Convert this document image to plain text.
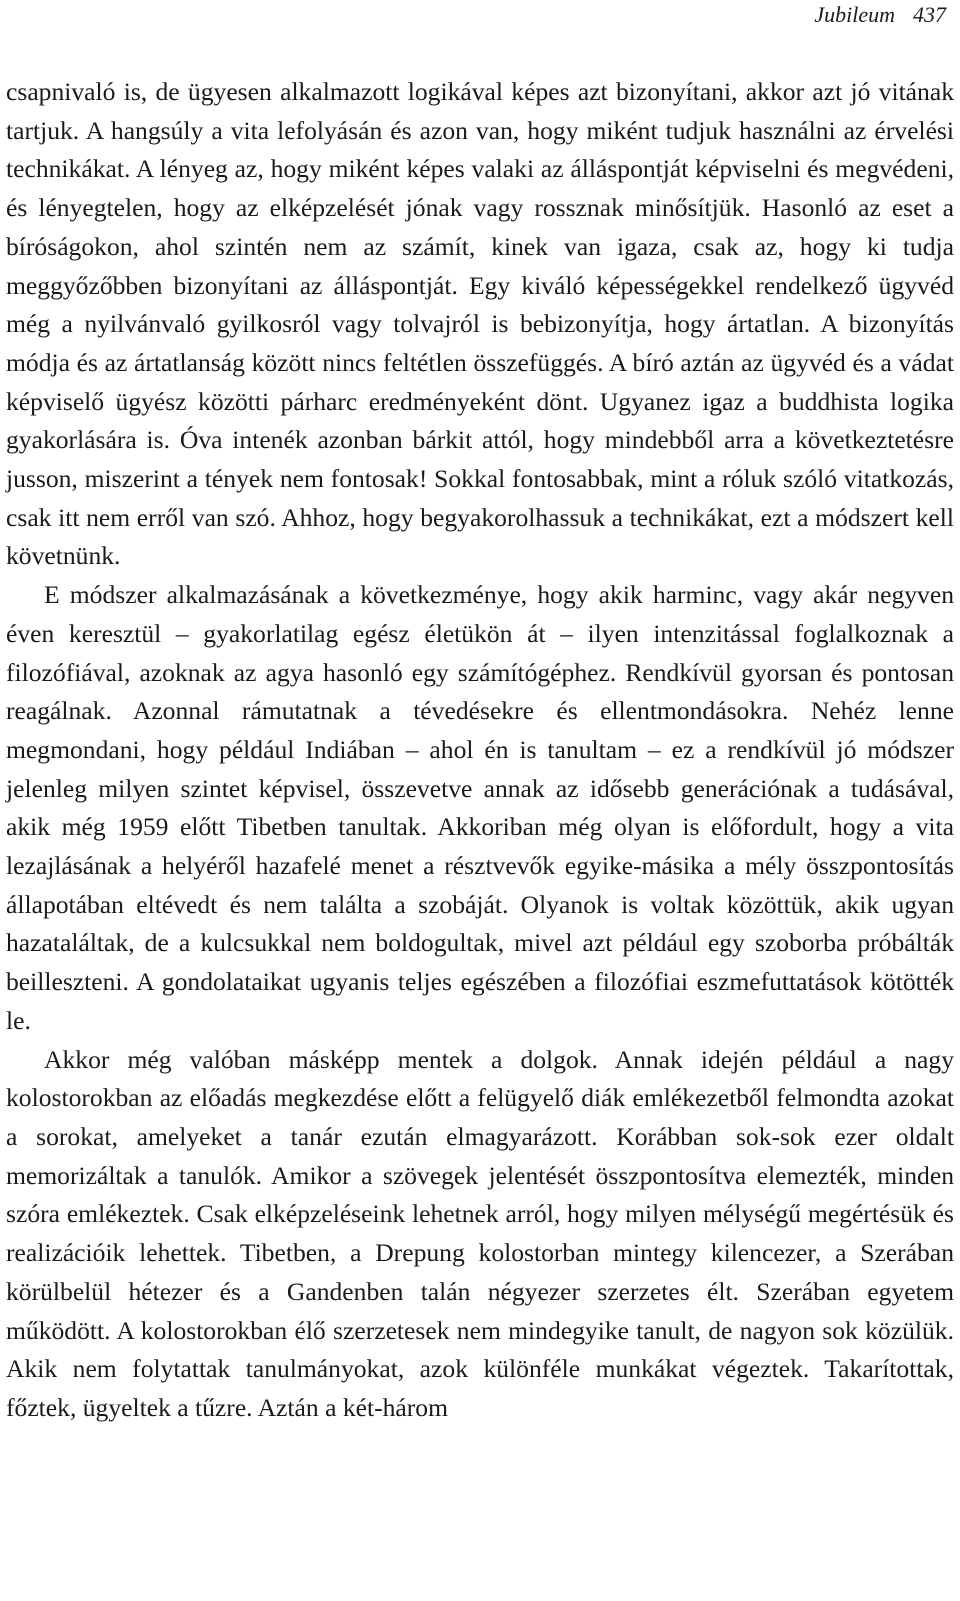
Jubileum 437

csapnivaló is, de ügyesen alkalmazott logikával képes azt bizonyítani, akkor azt jó vitának tartjuk. A hangsúly a vita lefolyásán és azon van, hogy miként tudjuk használni az érvelési technikákat. A lényeg az, hogy miként képes valaki az álláspontját képviselni és megvédeni, és lényegtelen, hogy az elképzelését jónak vagy rossznak minősítjük. Hasonló az eset a bíróságokon, ahol szintén nem az számít, kinek van igaza, csak az, hogy ki tudja meggyőzőbben bizonyítani az álláspontját. Egy kiváló képességekkel rendelkező ügyvéd még a nyilvánvaló gyilkosról vagy tolvajról is bebizonyítja, hogy ártatlan. A bizonyítás módja és az ártatlanság között nincs feltétlen összefüggés. A bíró aztán az ügyvéd és a vádat képviselő ügyész közötti párharc eredményeként dönt. Ugyanez igaz a buddhista logika gyakorlására is. Óva intenék azonban bárkit attól, hogy mindebből arra a következtetésre jusson, miszerint a tények nem fontosak! Sokkal fontosabbak, mint a róluk szóló vitatkozás, csak itt nem erről van szó. Ahhoz, hogy begyakorolhassuk a technikákat, ezt a módszert kell követnünk.

E módszer alkalmazásának a következménye, hogy akik harminc, vagy akár negyven éven keresztül – gyakorlatilag egész életükön át – ilyen intenzitással foglalkoznak a filozófiával, azoknak az agya hasonló egy számítógéphez. Rendkívül gyorsan és pontosan reagálnak. Azonnal rámutatnak a tévedésekre és ellentmondásokra. Nehéz lenne megmondani, hogy például Indiában – ahol én is tanultam – ez a rendkívül jó módszer jelenleg milyen szintet képvisel, összevetve annak az idősebb generációnak a tudásával, akik még 1959 előtt Tibetben tanultak. Akkoriban még olyan is előfordult, hogy a vita lezajlásának a helyéről hazafelé menet a résztvevők egyike-másika a mély összpontosítás állapotában eltévedt és nem találta a szobáját. Olyanok is voltak közöttük, akik ugyan hazataláltak, de a kulcsukkal nem boldogultak, mivel azt például egy szoborba próbálták beilleszteni. A gondolataikat ugyanis teljes egészében a filozófiai eszmefuttatások kötötték le.

Akkor még valóban másképp mentek a dolgok. Annak idején például a nagy kolostorokban az előadás megkezdése előtt a felügyelő diák emlékezetből felmondta azokat a sorokat, amelyeket a tanár ezután elmagyarázott. Korábban sok-sok ezer oldalt memorizáltak a tanulók. Amikor a szövegek jelentését összpontosítva elemezték, minden szóra emlékeztek. Csak elképzeléseink lehetnek arról, hogy milyen mélységű megértésük és realizációik lehettek. Tibetben, a Drepung kolostorban mintegy kilencezer, a Szerában körülbelül hétezer és a Gandenben talán négyezer szerzetes élt. Szerában egyetem működött. A kolostorokban élő szerzetesek nem mindegyike tanult, de nagyon sok közülük. Akik nem folytattak tanulmányokat, azok különféle munkákat végeztek. Takarítottak, főztek, ügyeltek a tűzre. Aztán a két-három
